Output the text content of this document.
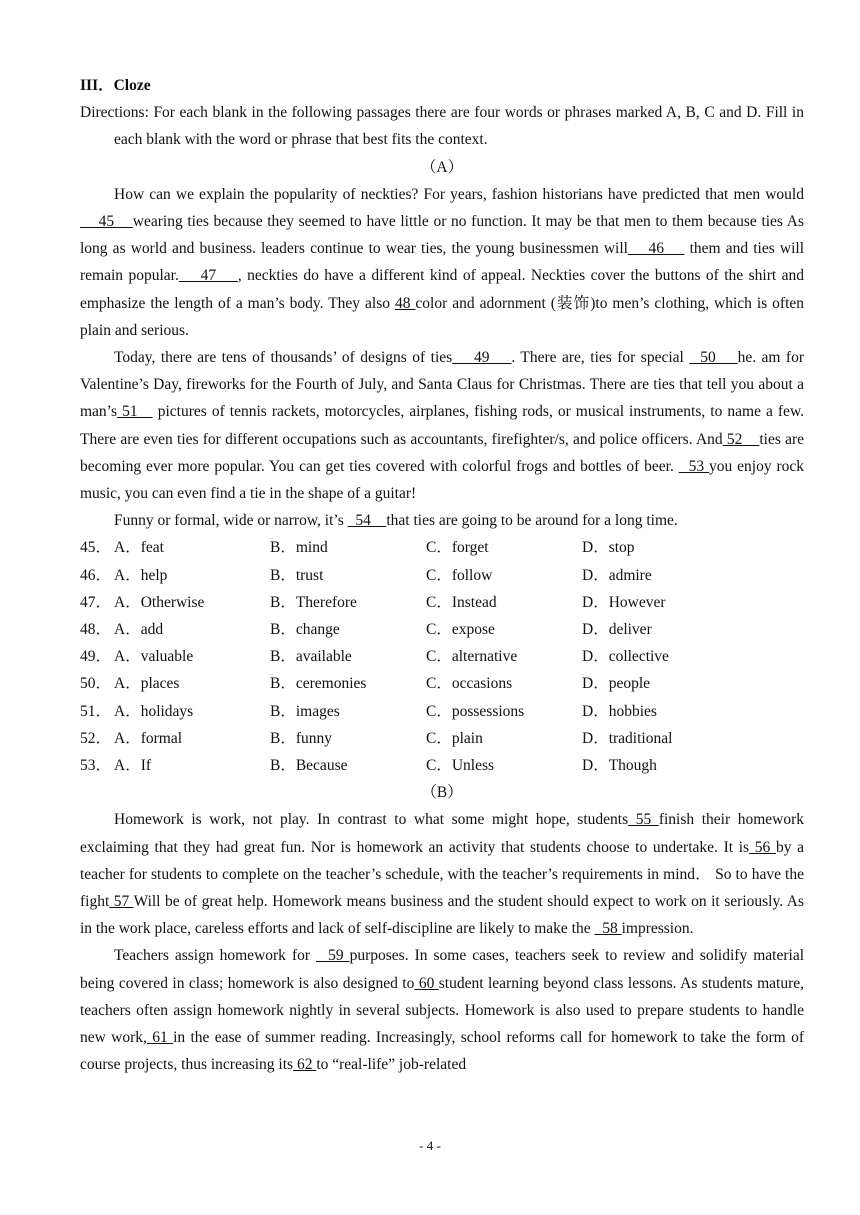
III．Cloze
Directions: For each blank in the following passages there are four words or phrases marked A, B, C and D. Fill in each blank with the word or phrase that best fits the context.
（A）
How can we explain the popularity of neckties? For years, fashion historians have predicted that men would    45    wearing ties because they seemed to have little or no function. It may be that men to them because ties As long as world and business. leaders continue to wear ties, the young businessmen will    46     them and ties will remain popular.    47    , neckties do have a different kind of appeal. Neckties cover the buttons of the shirt and emphasize the length of a man’s body. They also 48 color and adornment (装饰)to men’s clothing, which is often plain and serious.
Today, there are tens of thousands’ of designs of ties    49    . There are, ties for special   50    he. am for Valentine’s Day, fireworks for the Fourth of July, and Santa Claus for Christmas. There are ties that tell you about a man’s 51    pictures of tennis rackets, motorcycles, airplanes, fishing rods, or musical instruments, to name a few. There are even ties for different occupations such as accountants, firefighter/s, and police officers. And 52    ties are becoming ever more popular. You can get ties covered with colorful frogs and bottles of beer.   53 you enjoy rock music, you can even find a tie in the shape of a guitar!
Funny or formal, wide or narrow, it’s   54    that ties are going to be around for a long time.
45． A．feat	B．mind	C．forget	D．stop
46． A．help	B．trust	C．follow	D．admire
47． A．Otherwise	B．Therefore	C．Instead	D．However
48． A．add	B．change	C．expose	D．deliver
49． A．valuable	B．available	C．alternative	D．collective
50． A．places	B．ceremonies	C．occasions	D．people
51． A．holidays	B．images	C．possessions	D．hobbies
52． A．formal	B．funny	C．plain	D．traditional
53． A．If	B．Because	C．Unless	D．Though
（B）
Homework is work, not play. In contrast to what some might hope, students 55 finish their homework exclaiming that they had great fun. Nor is homework an activity that students choose to undertake. It is 56 by a teacher for students to complete on the teacher’s schedule, with the teacher’s requirements in mind． So to have the fight 57 Will be of great help. Homework means business and the student should expect to work on it seriously. As in the work place, careless efforts and lack of self-discipline are likely to make the   58 impression.
Teachers assign homework for   59 purposes. In some cases, teachers seek to review and solidify material being covered in class; homework is also designed to 60 student learning beyond class lessons. As students mature, teachers often assign homework nightly in several subjects. Homework is also used to prepare students to handle new work, 61 in the ease of summer reading. Increasingly, school reforms call for homework to take the form of course projects, thus increasing its 62 to “real-life” job-related
- 4 -
